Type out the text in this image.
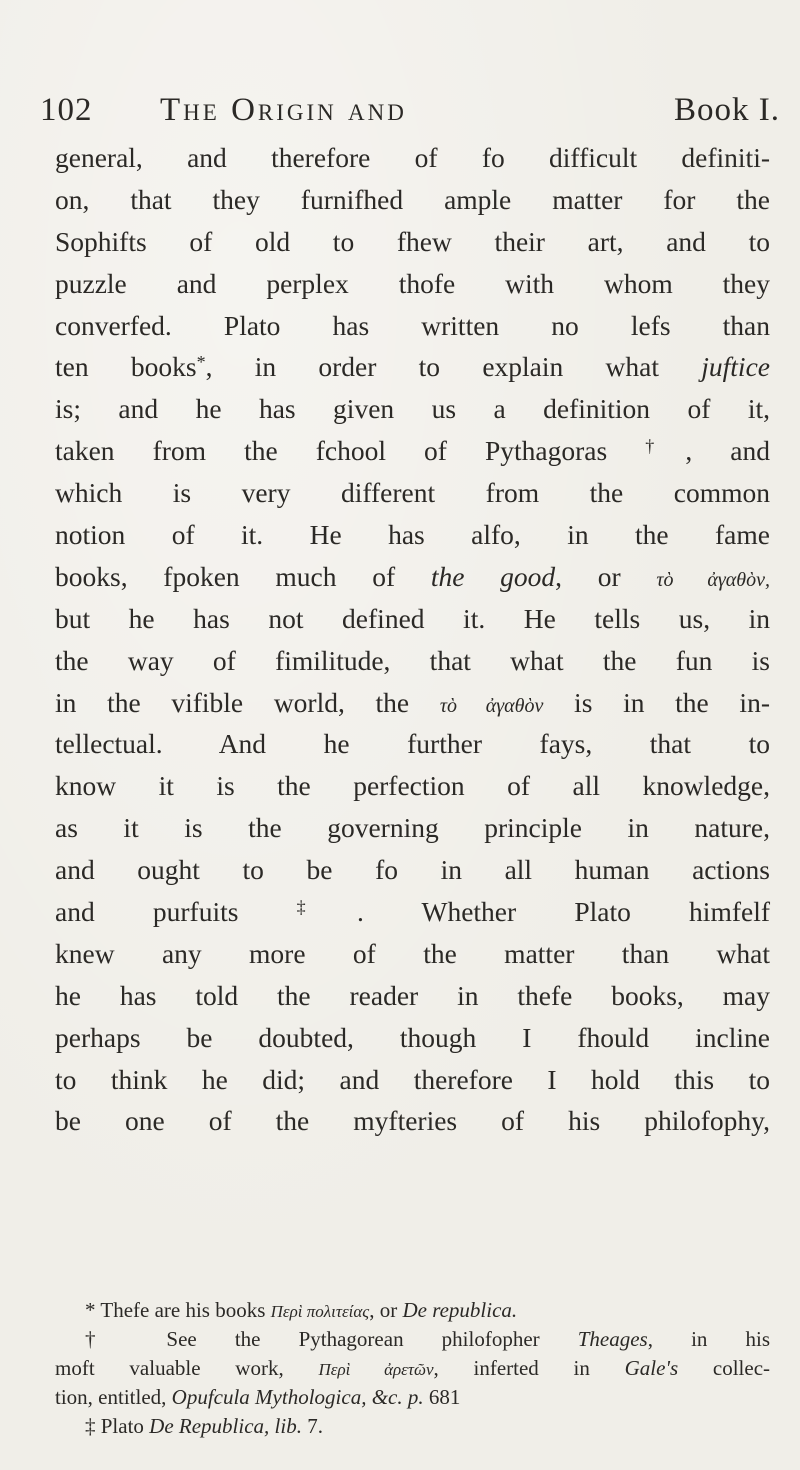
102 The Origin and	Book I.
general, and therefore of fo difficult definiti-
on, that they furnifhed ample matter for the
Sophifts of old to fhew their art, and to
puzzle and perplex thofe with whom they
converfed. Plato has written no lefs than
ten books*, in order to explain what juftice
is; and he has given us a definition of it,
taken from the fchool of Pythagoras †, and
which is very different from the common
notion of it. He has alfo, in the fame
books, fpoken much of the good, or τὸ ἀγαθὸν,
but he has not defined it. He tells us, in
the way of fimilitude, that what the fun is
in the vifible world, the τὸ ἀγαθὸν is in the in-
tellectual. And he further fays, that to
know it is the perfection of all knowledge,
as it is the governing principle in nature,
and ought to be fo in all human actions
and purfuits ‡. Whether Plato himfelf
knew any more of the matter than what
he has told the reader in thefe books, may
perhaps be doubted, though I fhould incline
to think he did; and therefore I hold this to
be one of the myfteries of his philofophy,
* Thefe are his books Περὶ πολιτείας, or De republica.
† See the Pythagorean philofopher Theages, in his
moft valuable work, Περὶ ἀρετῶν, inferted in Gale's collec-
tion, entitled, Opufcula Mythologica, &c. p. 681
‡ Plato De Republica, lib. 7.
